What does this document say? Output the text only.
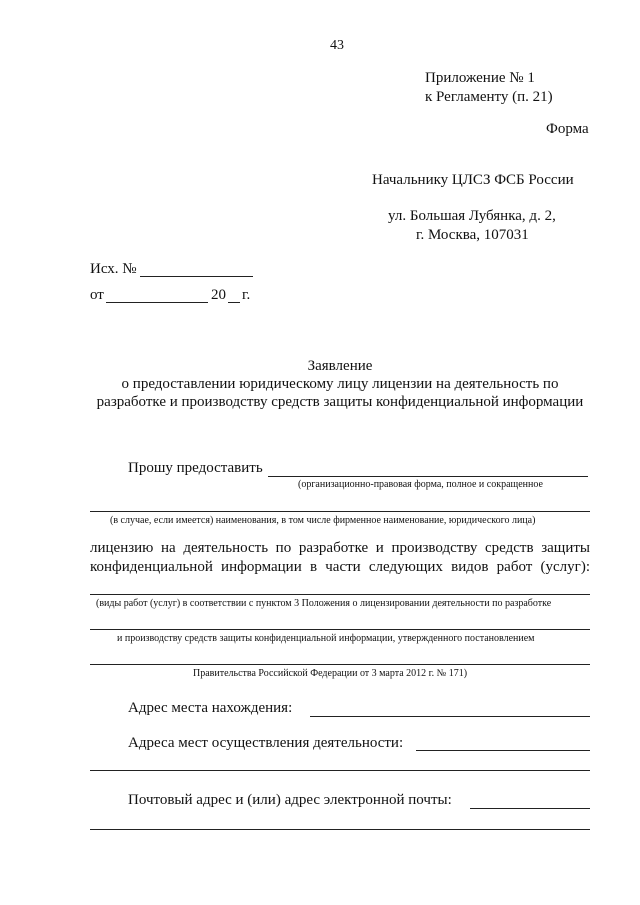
43
Приложение № 1
к Регламенту (п. 21)
Форма
Начальнику ЦЛСЗ ФСБ России
ул. Большая Лубянка, д. 2,
г. Москва, 107031
Исх. №
от	20 г.
Заявление
о предоставлении юридическому лицу лицензии на деятельность по
разработке и производству средств защиты конфиденциальной информации
Прошу предоставить
(организационно-правовая форма, полное и сокращенное
(в случае, если имеется) наименования, в том числе фирменное наименование, юридического лица)
лицензию на деятельность по разработке и производству средств защиты
конфиденциальной информации в части следующих видов работ (услуг):
(виды работ (услуг) в соответствии с пунктом 3 Положения о лицензировании деятельности по разработке
и производству средств защиты конфиденциальной информации, утвержденного постановлением
Правительства Российской Федерации от 3 марта 2012 г. № 171)
Адрес места нахождения:
Адреса мест осуществления деятельности:
Почтовый адрес и (или) адрес электронной почты:
